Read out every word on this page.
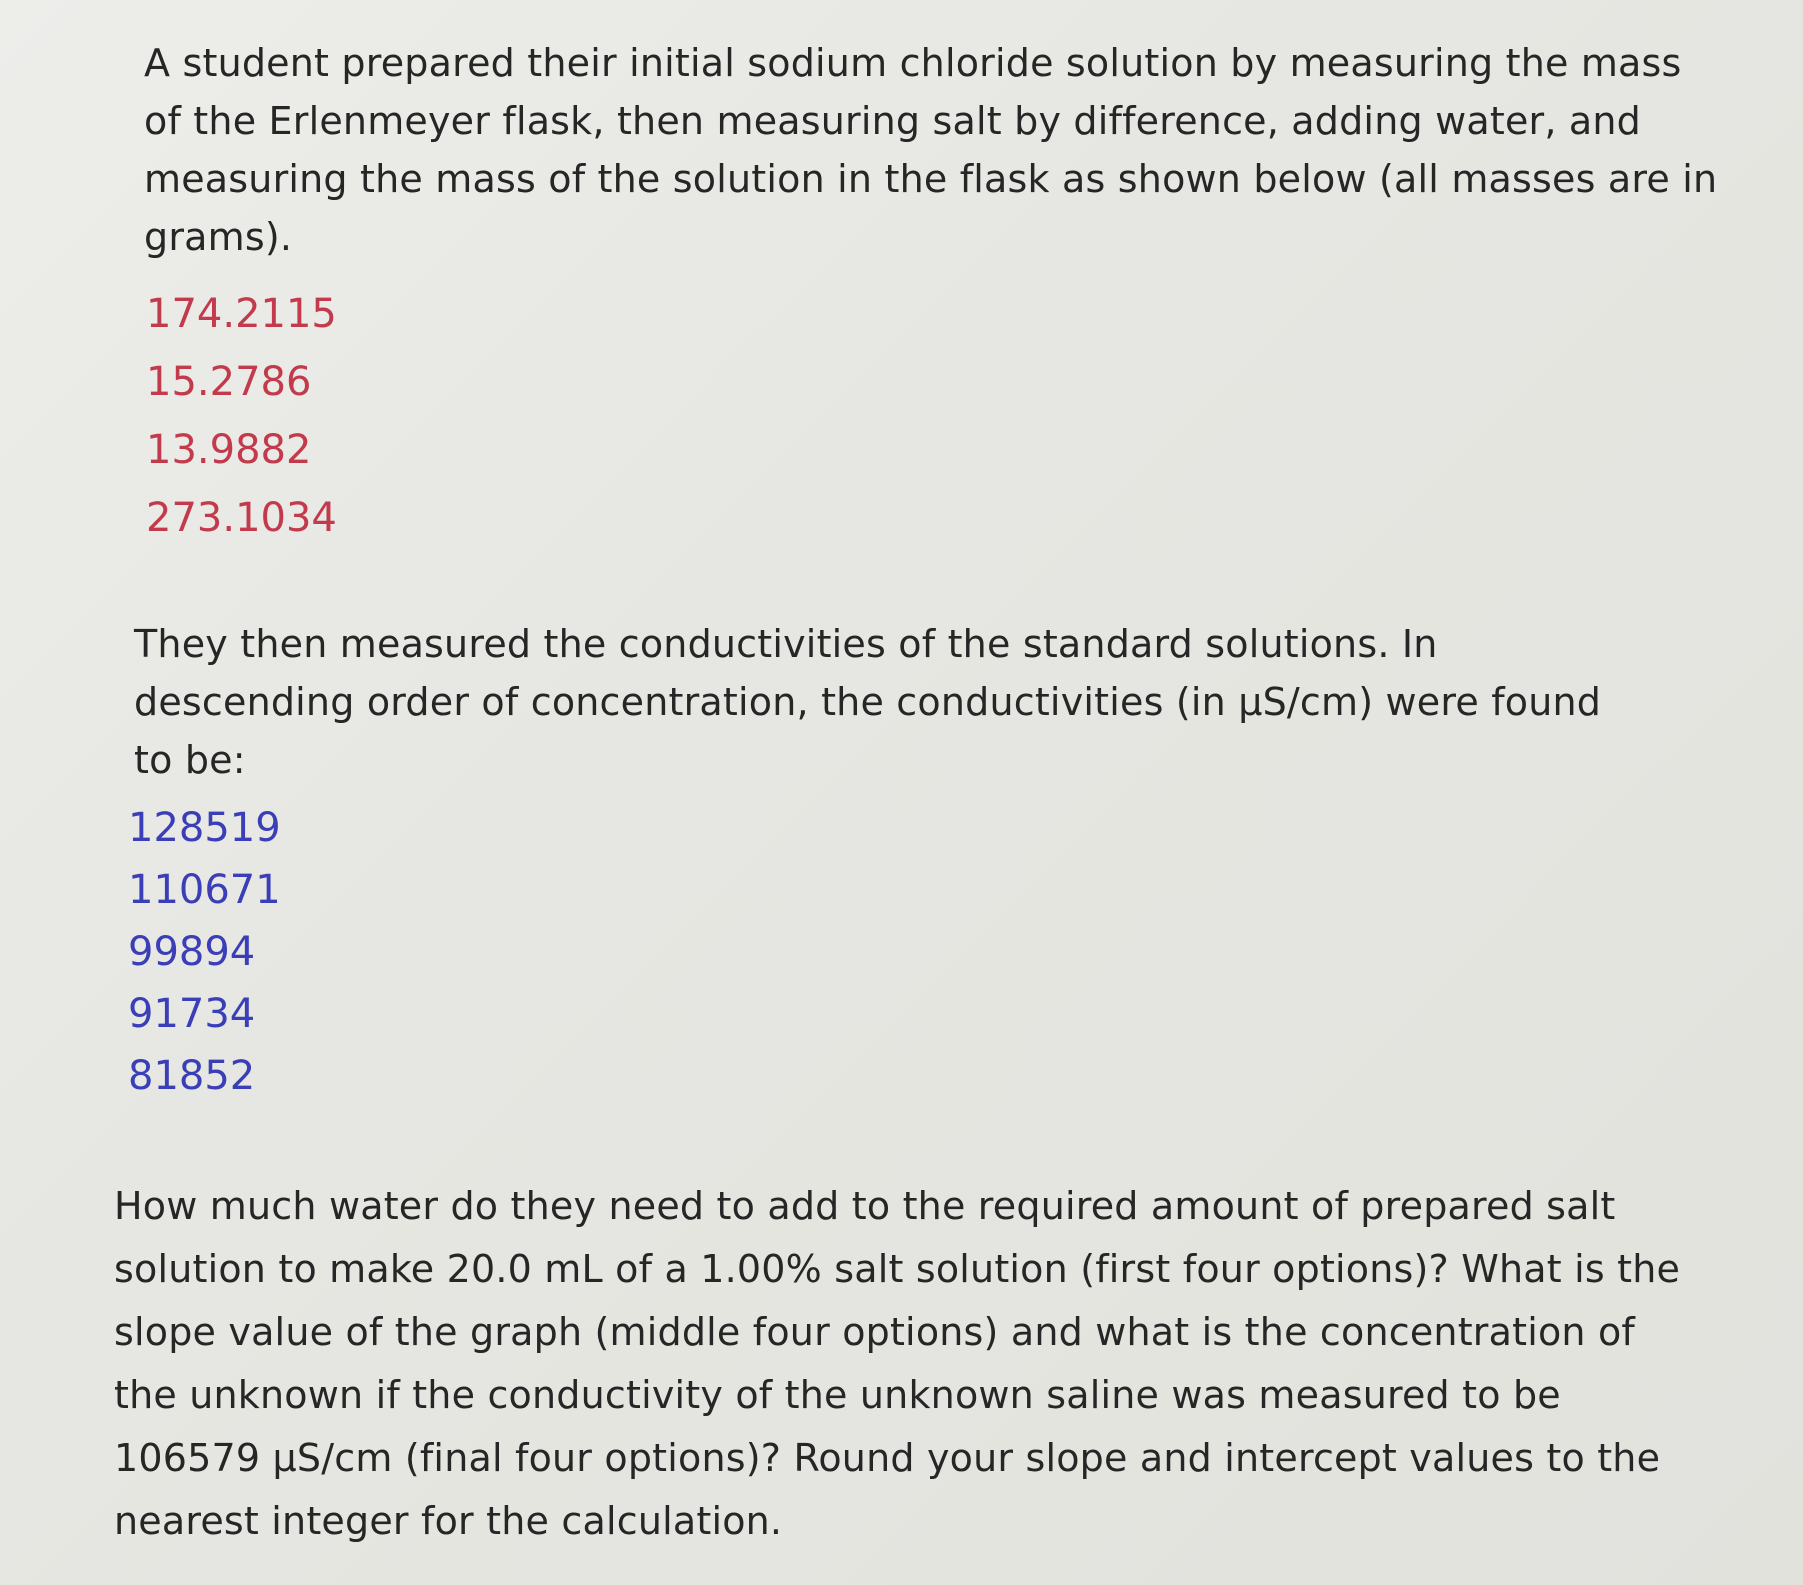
A student prepared their initial sodium chloride solution by measuring the mass of the Erlenmeyer flask, then measuring salt by difference, adding water, and measuring the mass of the solution in the flask as shown below (all masses are in grams).

174.2115
15.2786
13.9882
273.1034

They then measured the conductivities of the standard solutions. In descending order of concentration, the conductivities (in µS/cm) were found to be:

128519
110671
99894
91734
81852

How much water do they need to add to the required amount of prepared salt solution to make 20.0 mL of a 1.00% salt solution (first four options)? What is the slope value of the graph (middle four options) and what is the concentration of the unknown if the conductivity of the unknown saline was measured to be 106579 µS/cm (final four options)? Round your slope and intercept values to the nearest integer for the calculation.
